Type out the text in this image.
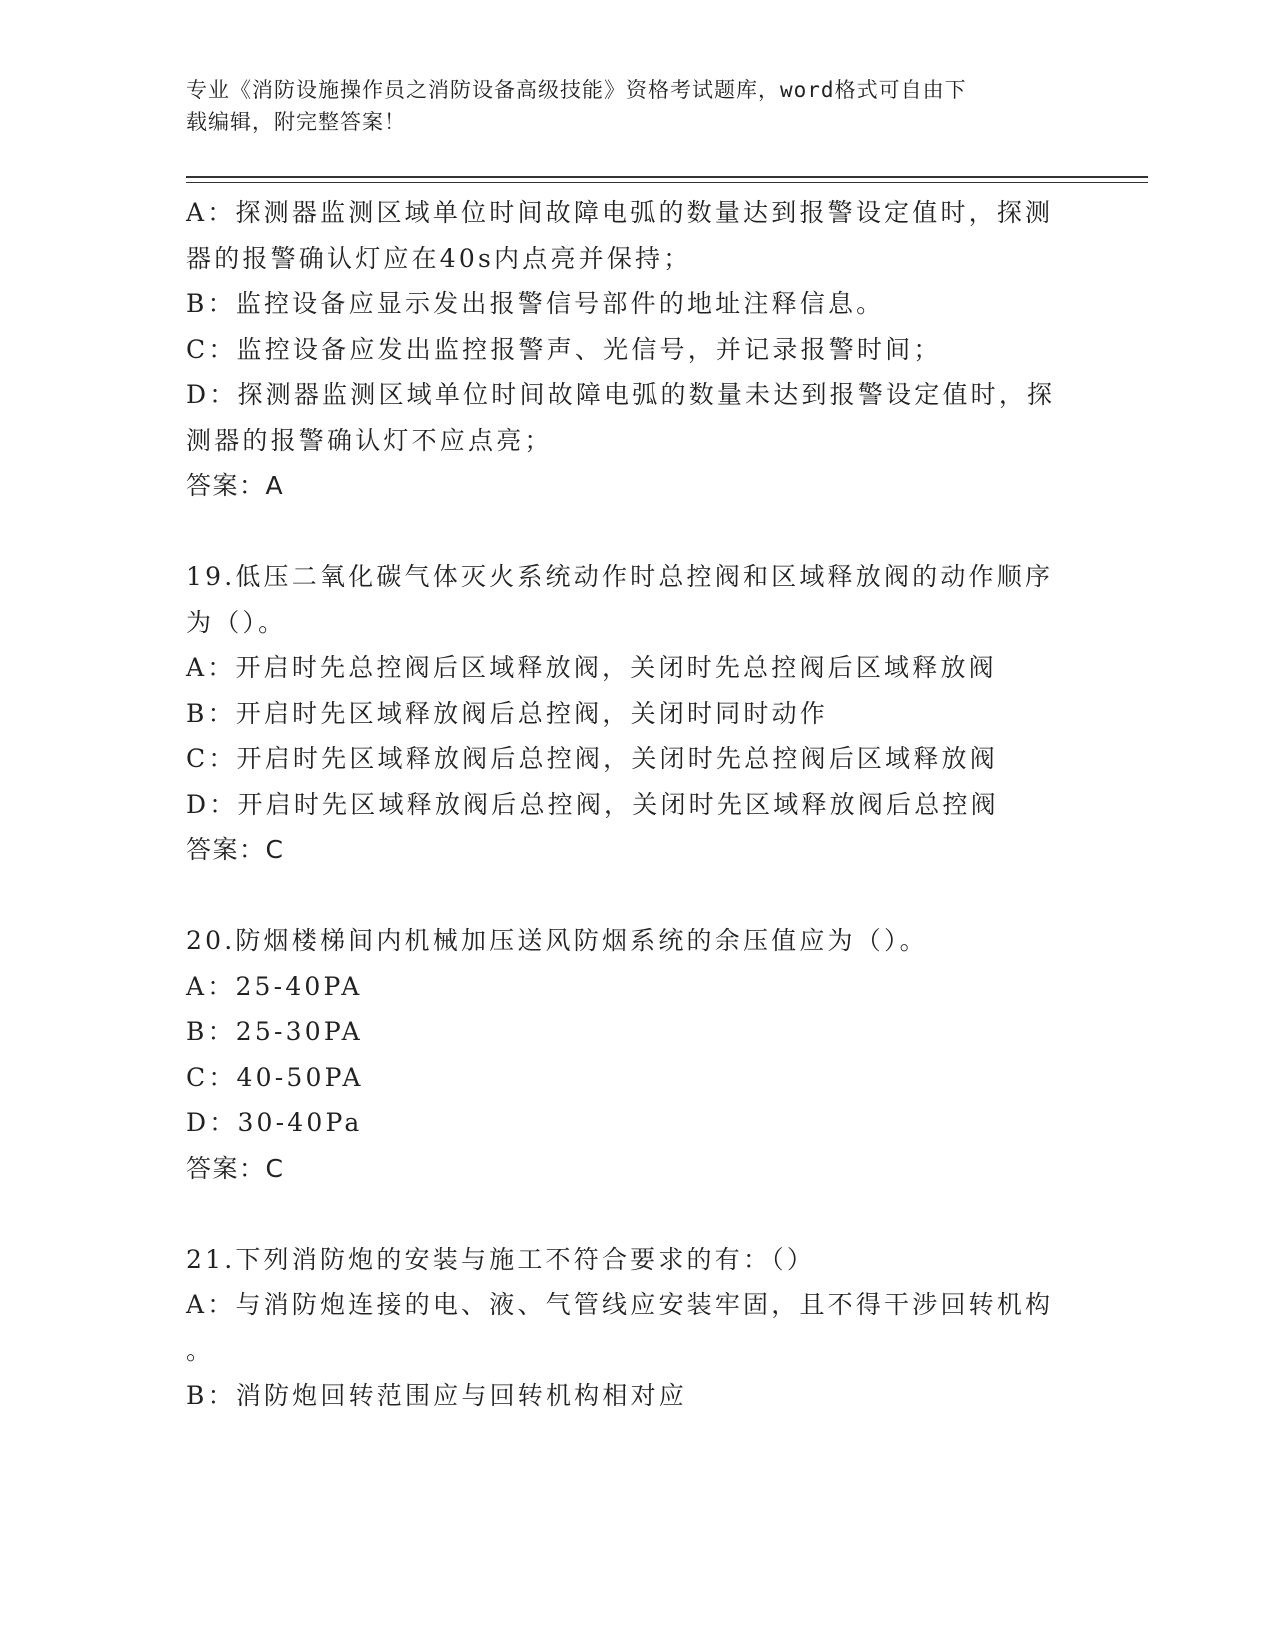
专业《消防设施操作员之消防设备高级技能》资格考试题库，word格式可自由下
载编辑，附完整答案！
A：探测器监测区域单位时间故障电弧的数量达到报警设定值时，探测
器的报警确认灯应在40s内点亮并保持；
B：监控设备应显示发出报警信号部件的地址注释信息。
C：监控设备应发出监控报警声、光信号，并记录报警时间；
D：探测器监测区域单位时间故障电弧的数量未达到报警设定值时，探
测器的报警确认灯不应点亮；
答案：A
19.低压二氧化碳气体灭火系统动作时总控阀和区域释放阀的动作顺序
为（）。
A：开启时先总控阀后区域释放阀，关闭时先总控阀后区域释放阀
B：开启时先区域释放阀后总控阀，关闭时同时动作
C：开启时先区域释放阀后总控阀，关闭时先总控阀后区域释放阀
D：开启时先区域释放阀后总控阀，关闭时先区域释放阀后总控阀
答案：C
20.防烟楼梯间内机械加压送风防烟系统的余压值应为（）。
A：25-40PA
B：25-30PA
C：40-50PA
D：30-40Pa
答案：C
21.下列消防炮的安装与施工不符合要求的有：（）
A：与消防炮连接的电、液、气管线应安装牢固，且不得干涉回转机构
。
B：消防炮回转范围应与回转机构相对应
